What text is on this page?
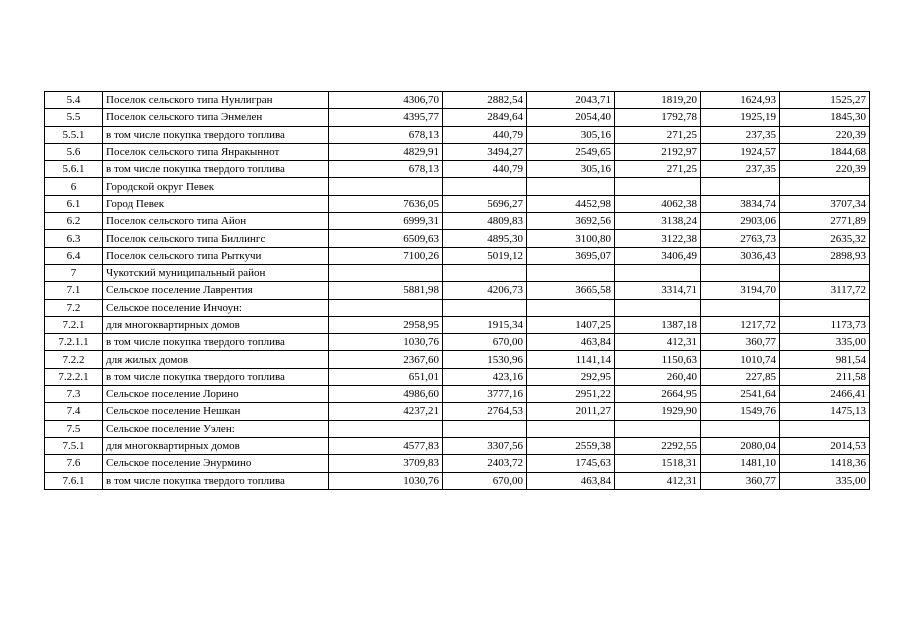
5.4	Поселок сельского типа Нунлигран	4306,70	2882,54	2043,71	1819,20	1624,93	1525,27
5.5	Поселок сельского типа Энмелен	4395,77	2849,64	2054,40	1792,78	1925,19	1845,30
5.5.1	в том числе покупка твердого топлива	678,13	440,79	305,16	271,25	237,35	220,39
5.6	Поселок сельского типа Янракыннот	4829,91	3494,27	2549,65	2192,97	1924,57	1844,68
5.6.1	в том числе покупка твердого топлива	678,13	440,79	305,16	271,25	237,35	220,39
6	Городской округ Певек						
6.1	Город Певек	7636,05	5696,27	4452,98	4062,38	3834,74	3707,34
6.2	Поселок сельского типа Айон	6999,31	4809,83	3692,56	3138,24	2903,06	2771,89
6.3	Поселок сельского типа Биллингс	6509,63	4895,30	3100,80	3122,38	2763,73	2635,32
6.4	Поселок сельского типа Рыткучи	7100,26	5019,12	3695,07	3406,49	3036,43	2898,93
7	Чукотский муниципальный район						
7.1	Сельское поселение Лаврентия	5881,98	4206,73	3665,58	3314,71	3194,70	3117,72
7.2	Сельское поселение Инчоун:						
7.2.1	для многоквартирных домов	2958,95	1915,34	1407,25	1387,18	1217,72	1173,73
7.2.1.1	в том числе покупка твердого топлива	1030,76	670,00	463,84	412,31	360,77	335,00
7.2.2	для жилых домов	2367,60	1530,96	1141,14	1150,63	1010,74	981,54
7.2.2.1	в том числе покупка твердого топлива	651,01	423,16	292,95	260,40	227,85	211,58
7.3	Сельское поселение Лорино	4986,60	3777,16	2951,22	2664,95	2541,64	2466,41
7.4	Сельское поселение Нешкан	4237,21	2764,53	2011,27	1929,90	1549,76	1475,13
7.5	Сельское поселение Уэлен:						
7.5.1	для многоквартирных домов	4577,83	3307,56	2559,38	2292,55	2080,04	2014,53
7.6	Сельское поселение Энурмино	3709,83	2403,72	1745,63	1518,31	1481,10	1418,36
7.6.1	в том числе покупка твердого топлива	1030,76	670,00	463,84	412,31	360,77	335,00
